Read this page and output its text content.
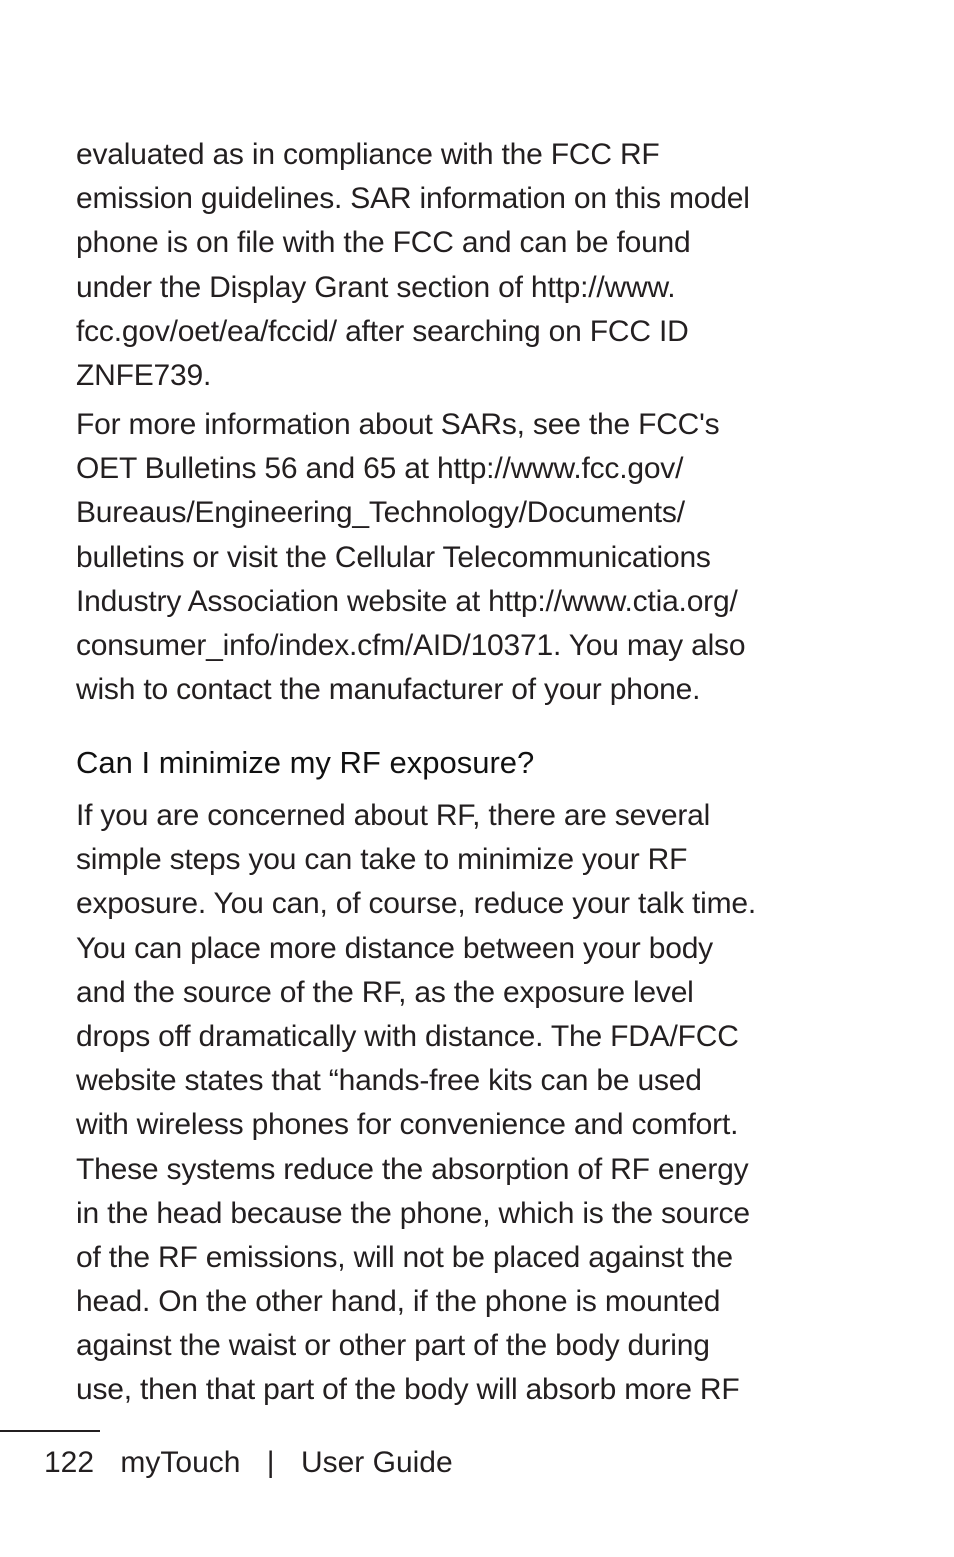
evaluated as in compliance with the FCC RF
emission guidelines. SAR information on this model
phone is on file with the FCC and can be found
under the Display Grant section of http://www.
fcc.gov/oet/ea/fccid/ after searching on FCC ID
ZNFE739.
For more information about SARs, see the FCC's
OET Bulletins 56 and 65 at http://www.fcc.gov/
Bureaus/Engineering_Technology/Documents/
bulletins or visit the Cellular Telecommunications
Industry Association website at http://www.ctia.org/
consumer_info/index.cfm/AID/10371. You may also
wish to contact the manufacturer of your phone.
Can I minimize my RF exposure?
If you are concerned about RF, there are several
simple steps you can take to minimize your RF
exposure. You can, of course, reduce your talk time.
You can place more distance between your body
and the source of the RF, as the exposure level
drops off dramatically with distance. The FDA/FCC
website states that “hands-free kits can be used
with wireless phones for convenience and comfort.
These systems reduce the absorption of RF energy
in the head because the phone, which is the source
of the RF emissions, will not be placed against the
head. On the other hand, if the phone is mounted
against the waist or other part of the body during
use, then that part of the body will absorb more RF
122 myTouch | User Guide
